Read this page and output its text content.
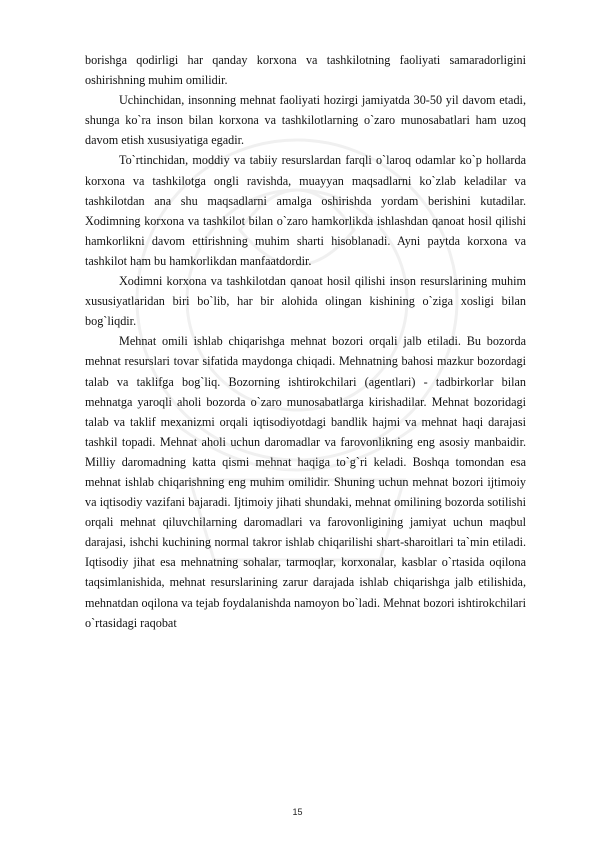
borishga qodirligi har qanday korxona va tashkilotning faoliyati samaradorligini oshirishning muhim omilidir.

Uchinchidan, insonning mehnat faoliyati hozirgi jamiyatda 30-50 yil davom etadi, shunga ko`ra inson bilan korxona va tashkilotlarning o`zaro munosabatlari ham uzoq davom etish xususiyatiga egadir.

To`rtinchidan, moddiy va tabiiy resurslardan farqli o`laroq odamlar ko`p hollarda korxona va tashkilotga ongli ravishda, muayyan maqsadlarni ko`zlab keladilar va tashkilotdan ana shu maqsadlarni amalga oshirishda yordam berishini kutadilar. Xodimning korxona va tashkilot bilan o`zaro hamkorlikda ishlashdan qanoat hosil qilishi hamkorlikni davom ettirishning muhim sharti hisoblanadi. Ayni paytda korxona va tashkilot ham bu hamkorlikdan manfaatdordir.

Xodimni korxona va tashkilotdan qanoat hosil qilishi inson resurslarining muhim xususiyatlaridan biri bo`lib, har bir alohida olingan kishining o`ziga xosligi bilan bog`liqdir.

Mehnat omili ishlab chiqarishga mehnat bozori orqali jalb etiladi. Bu bozorda mehnat resurslari tovar sifatida maydonga chiqadi. Mehnatning bahosi mazkur bozordagi talab va taklifga bog`liq. Bozorning ishtirokchilari (agentlari) - tadbirkorlar bilan mehnatga yaroqli aholi bozorda o`zaro munosabatlarga kirishadilar. Mehnat bozoridagi talab va taklif mexanizmi orqali iqtisodiyotdagi bandlik hajmi va mehnat haqi darajasi tashkil topadi. Mehnat aholi uchun daromadlar va farovonlikning eng asosiy manbaidir. Milliy daromadning katta qismi mehnat haqiga to`g`ri keladi. Boshqa tomondan esa mehnat ishlab chiqarishning eng muhim omilidir. Shuning uchun mehnat bozori ijtimoiy va iqtisodiy vazifani bajaradi. Ijtimoiy jihati shundaki, mehnat omilining bozorda sotilishi orqali mehnat qiluvchilarning daromadlari va farovonligining jamiyat uchun maqbul darajasi, ishchi kuchining normal takror ishlab chiqarilishi shart-sharoitlari ta`min etiladi. Iqtisodiy jihat esa mehnatning sohalar, tarmoqlar, korxonalar, kasblar o`rtasida oqilona taqsimlanishida, mehnat resurslarining zarur darajada ishlab chiqarishga jalb etilishida, mehnatdan oqilona va tejab foydalanishda namoyon bo`ladi. Mehnat bozori ishtirokchilari o`rtasidagi raqobat

15
